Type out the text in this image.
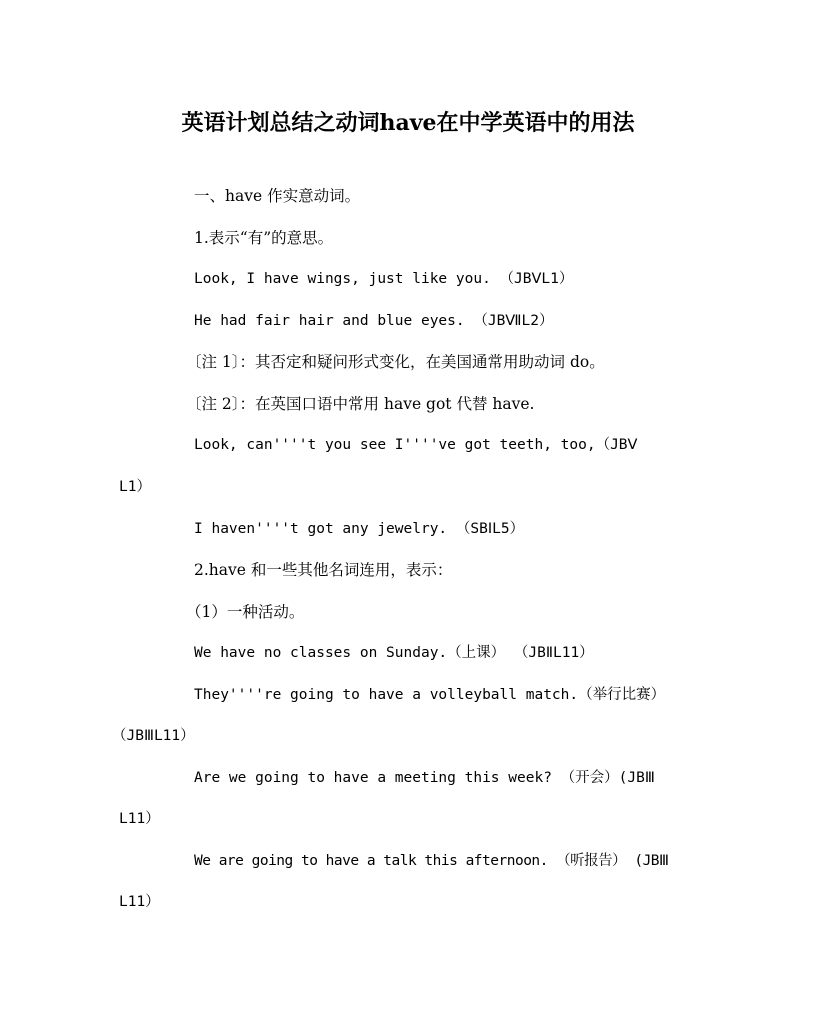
英语计划总结之动词have在中学英语中的用法
一、have 作实意动词。
1.表示“有”的意思。
Look, I have wings, just like you. （JBⅤL1）
He had fair hair and blue eyes. （JBⅦL2）
〔注 1〕：其否定和疑问形式变化，在美国通常用助动词 do。
〔注 2〕：在英国口语中常用 have got 代替 have.
Look, can''''t you see I''''ve got teeth, too,（JBⅤ
L1）
I haven''''t got any jewelry. （SBⅠL5）
2.have 和一些其他名词连用，表示：
（1）一种活动。
We have no classes on Sunday.（上课） （JBⅡL11）
They''''re going to have a volleyball match.（举行比赛）
（JBⅢL11）
Are we going to have a meeting this week? （开会）(JBⅢ
L11）
We are going to have a talk this afternoon. （听报告） (JBⅢ
L11）
